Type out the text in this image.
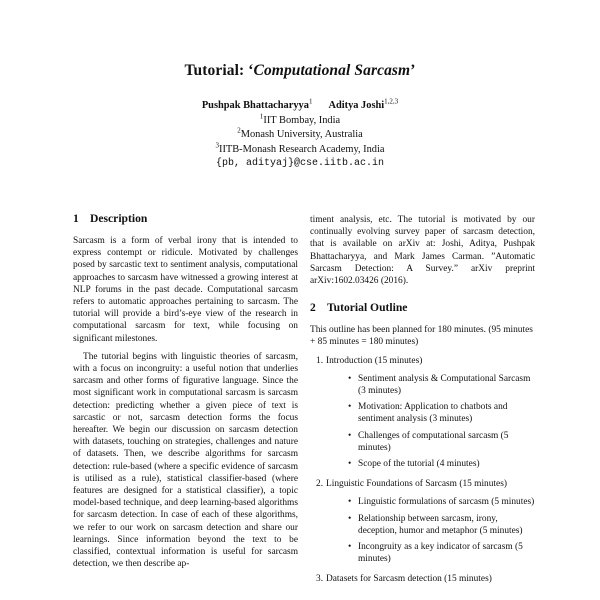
Tutorial: ‘Computational Sarcasm’
Pushpak Bhattacharyya$^1$ Aditya Joshi$^{1,2,3}$
$^1$IIT Bombay, India
$^2$Monash University, Australia
$^3$IITB-Monash Research Academy, India
{pb, adityaj}@cse.iitb.ac.in
1 Description

Sarcasm is a form of verbal irony that is intended to express contempt or ridicule. Motivated by challenges posed by sarcastic text to sentiment analysis, computational approaches to sarcasm have witnessed a growing interest at NLP forums in the past decade. Computational sarcasm refers to automatic approaches pertaining to sarcasm. The tutorial will provide a bird’s-eye view of the research in computational sarcasm for text, while focusing on significant milestones.

The tutorial begins with linguistic theories of sarcasm, with a focus on incongruity: a useful notion that underlies sarcasm and other forms of figurative language. Since the most significant work in computational sarcasm is sarcasm detection: predicting whether a given piece of text is sarcastic or not, sarcasm detection forms the focus hereafter. We begin our discussion on sarcasm detection with datasets, touching on strategies, challenges and nature of datasets. Then, we describe algorithms for sarcasm detection: rule-based (where a specific evidence of sarcasm is utilised as a rule), statistical classifier-based (where features are designed for a statistical classifier), a topic model-based technique, and deep learning-based algorithms for sarcasm detection. In case of each of these algorithms, we refer to our work on sarcasm detection and share our learnings. Since information beyond the text to be classified, contextual information is useful for sarcasm detection, we then describe ap-

timent analysis, etc. The tutorial is motivated by our continually evolving survey paper of sarcasm detection, that is available on arXiv at: Joshi, Aditya, Pushpak Bhattacharyya, and Mark James Carman. ”Automatic Sarcasm Detection: A Survey.” arXiv preprint arXiv:1602.03426 (2016).

2 Tutorial Outline

This outline has been planned for 180 minutes. (95 minutes + 85 minutes = 180 minutes)

1. Introduction (15 minutes)
• Sentiment analysis & Computational Sarcasm (3 minutes)
• Motivation: Application to chatbots and sentiment analysis (3 minutes)
• Challenges of computational sarcasm (5 minutes)
• Scope of the tutorial (4 minutes)
2. Linguistic Foundations of Sarcasm (15 minutes)
• Linguistic formulations of sarcasm (5 minutes)
• Relationship between sarcasm, irony, deception, humor and metaphor (5 minutes)
• Incongruity as a key indicator of sarcasm (5 minutes)
3. Datasets for Sarcasm detection (15 minutes)
